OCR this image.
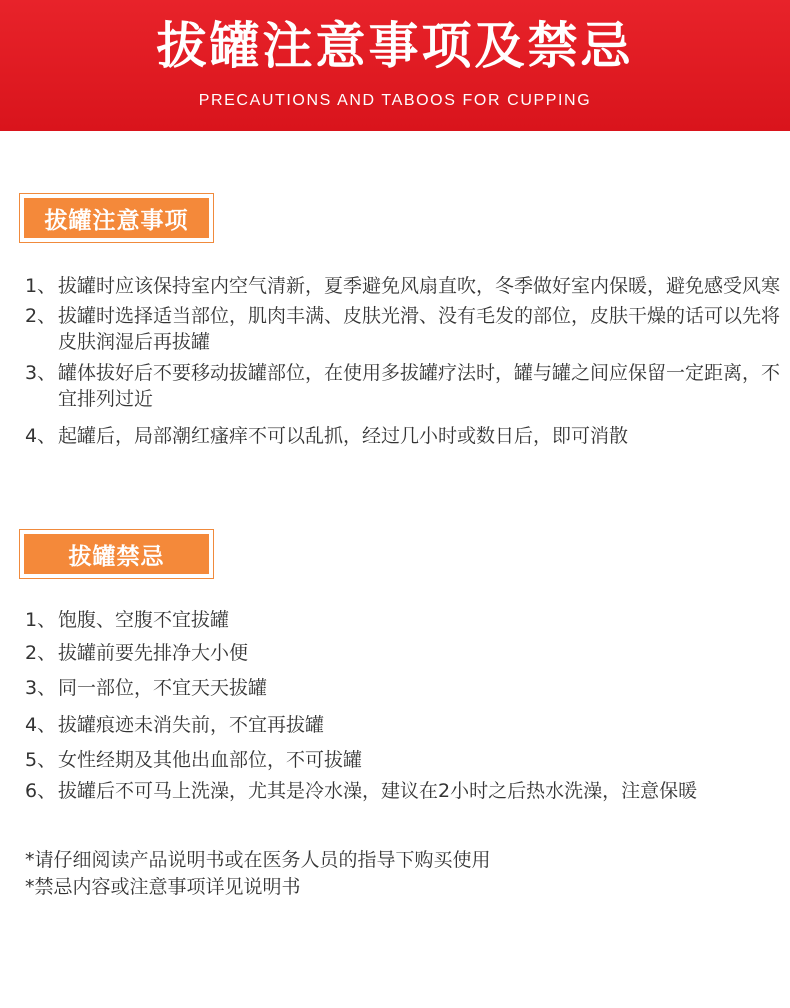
拔罐注意事项及禁忌
PRECAUTIONS AND TABOOS FOR CUPPING
拔罐注意事项
1、 拔罐时应该保持室内空气清新，夏季避免风扇直吹，冬季做好室内保暖，避免感受风寒
2、 拔罐时选择适当部位，肌肉丰满、皮肤光滑、没有毛发的部位，皮肤干燥的话可以先将皮肤润湿后再拔罐
3、 罐体拔好后不要移动拔罐部位，在使用多拔罐疗法时，罐与罐之间应保留一定距离，不宜排列过近
4、 起罐后，局部潮红瘙痒不可以乱抓，经过几小时或数日后，即可消散
拔罐禁忌
1、 饱腹、空腹不宜拔罐
2、 拔罐前要先排净大小便
3、 同一部位，不宜天天拔罐
4、 拔罐痕迹未消失前，不宜再拔罐
5、 女性经期及其他出血部位，不可拔罐
6、 拔罐后不可马上洗澡，尤其是冷水澡，建议在2小时之后热水洗澡，注意保暖
*请仔细阅读产品说明书或在医务人员的指导下购买使用
*禁忌内容或注意事项详见说明书
